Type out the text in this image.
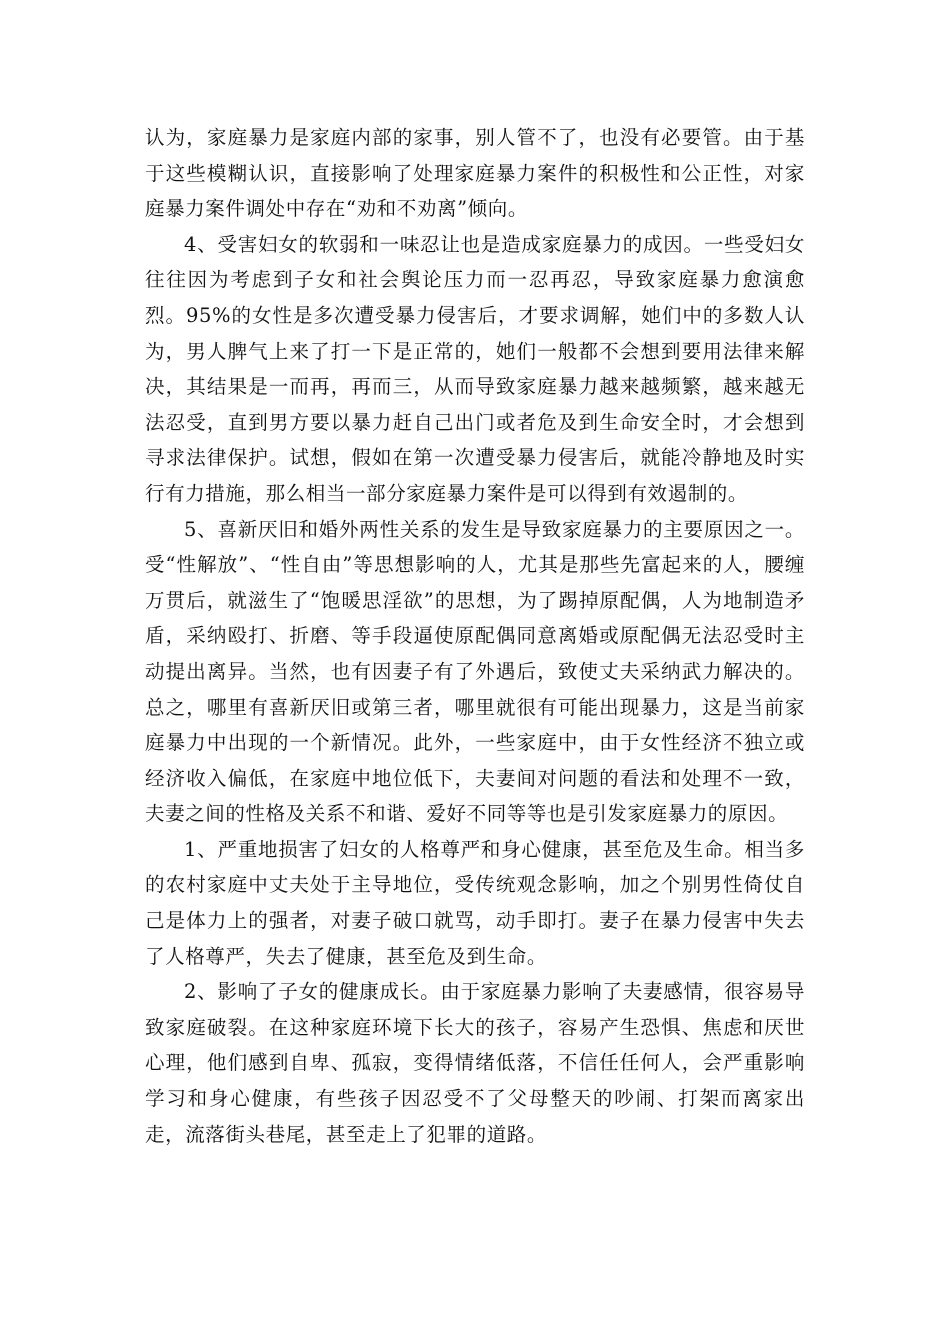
认为，家庭暴力是家庭内部的家事，别人管不了，也没有必要管。由于基于这些模糊认识，直接影响了处理家庭暴力案件的积极性和公正性，对家庭暴力案件调处中存在“劝和不劝离”倾向。

4、受害妇女的软弱和一味忍让也是造成家庭暴力的成因。一些受妇女往往因为考虑到子女和社会舆论压力而一忍再忍，导致家庭暴力愈演愈烈。95%的女性是多次遭受暴力侵害后，才要求调解，她们中的多数人认为，男人脾气上来了打一下是正常的，她们一般都不会想到要用法律来解决，其结果是一而再，再而三，从而导致家庭暴力越来越频繁，越来越无法忍受，直到男方要以暴力赶自己出门或者危及到生命安全时，才会想到寻求法律保护。试想，假如在第一次遭受暴力侵害后，就能冷静地及时实行有力措施，那么相当一部分家庭暴力案件是可以得到有效遏制的。

5、喜新厌旧和婚外两性关系的发生是导致家庭暴力的主要原因之一。受“性解放”、“性自由”等思想影响的人，尤其是那些先富起来的人，腰缠万贯后，就滋生了“饱暖思淫欲”的思想，为了踢掉原配偶，人为地制造矛盾，采纳殴打、折磨、等手段逼使原配偶同意离婚或原配偶无法忍受时主动提出离异。当然，也有因妻子有了外遇后，致使丈夫采纳武力解决的。总之，哪里有喜新厌旧或第三者，哪里就很有可能出现暴力，这是当前家庭暴力中出现的一个新情况。此外，一些家庭中，由于女性经济不独立或经济收入偏低，在家庭中地位低下，夫妻间对问题的看法和处理不一致，夫妻之间的性格及关系不和谐、爱好不同等等也是引发家庭暴力的原因。

1、严重地损害了妇女的人格尊严和身心健康，甚至危及生命。相当多的农村家庭中丈夫处于主导地位，受传统观念影响，加之个别男性倚仗自己是体力上的强者，对妻子破口就骂，动手即打。妻子在暴力侵害中失去了人格尊严，失去了健康，甚至危及到生命。

2、影响了子女的健康成长。由于家庭暴力影响了夫妻感情，很容易导致家庭破裂。在这种家庭环境下长大的孩子，容易产生恐惧、焦虑和厌世心理，他们感到自卑、孤寂，变得情绪低落，不信任任何人，会严重影响学习和身心健康，有些孩子因忍受不了父母整天的吵闹、打架而离家出走，流落街头巷尾，甚至走上了犯罪的道路。
